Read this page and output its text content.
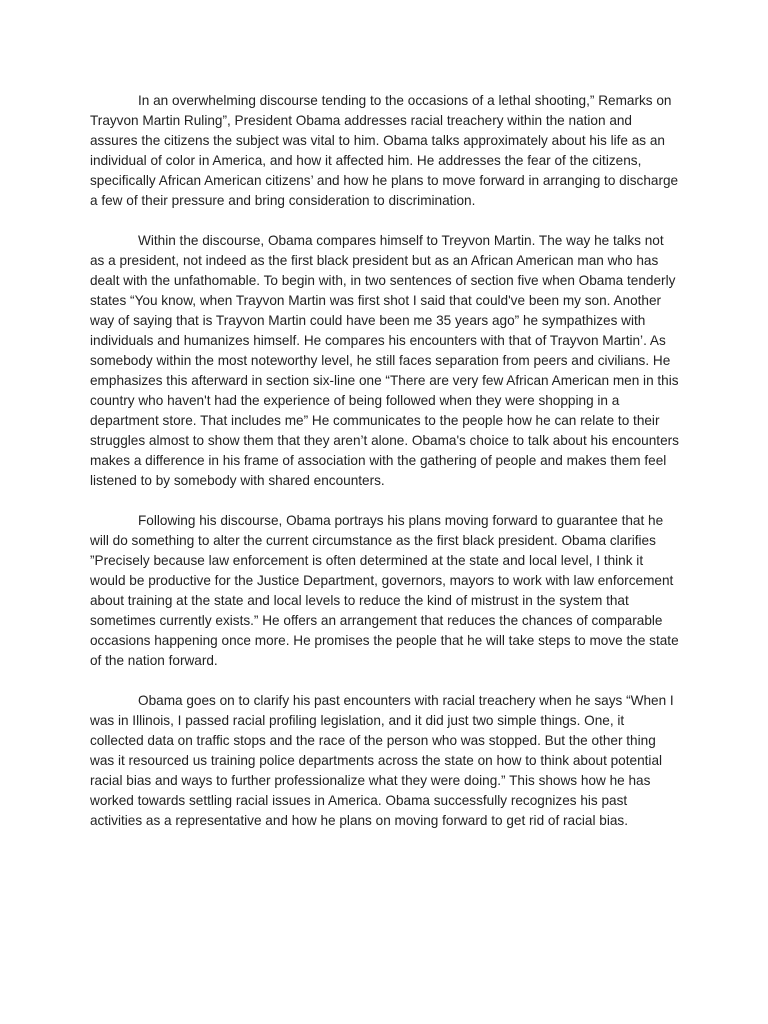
In an overwhelming discourse tending to the occasions of a lethal shooting,” Remarks on Trayvon Martin Ruling”, President Obama addresses racial treachery within the nation and assures the citizens the subject was vital to him. Obama talks approximately about his life as an individual of color in America, and how it affected him. He addresses the fear of the citizens, specifically African American citizens’ and how he plans to move forward in arranging to discharge a few of their pressure and bring consideration to discrimination.

Within the discourse, Obama compares himself to Treyvon Martin. The way he talks not as a president, not indeed as the first black president but as an African American man who has dealt with the unfathomable. To begin with, in two sentences of section five when Obama tenderly states “You know, when Trayvon Martin was first shot I said that could've been my son. Another way of saying that is Trayvon Martin could have been me 35 years ago” he sympathizes with individuals and humanizes himself. He compares his encounters with that of Trayvon Martin’. As somebody within the most noteworthy level, he still faces separation from peers and civilians. He emphasizes this afterward in section six-line one “There are very few African American men in this country who haven't had the experience of being followed when they were shopping in a department store. That includes me” He communicates to the people how he can relate to their struggles almost to show them that they aren’t alone. Obama's choice to talk about his encounters makes a difference in his frame of association with the gathering of people and makes them feel listened to by somebody with shared encounters.

Following his discourse, Obama portrays his plans moving forward to guarantee that he will do something to alter the current circumstance as the first black president. Obama clarifies ”Precisely because law enforcement is often determined at the state and local level, I think it would be productive for the Justice Department, governors, mayors to work with law enforcement about training at the state and local levels to reduce the kind of mistrust in the system that sometimes currently exists.” He offers an arrangement that reduces the chances of comparable occasions happening once more. He promises the people that he will take steps to move the state of the nation forward.

Obama goes on to clarify his past encounters with racial treachery when he says “When I was in Illinois, I passed racial profiling legislation, and it did just two simple things. One, it collected data on traffic stops and the race of the person who was stopped. But the other thing was it resourced us training police departments across the state on how to think about potential racial bias and ways to further professionalize what they were doing.” This shows how he has worked towards settling racial issues in America. Obama successfully recognizes his past activities as a representative and how he plans on moving forward to get rid of racial bias.
